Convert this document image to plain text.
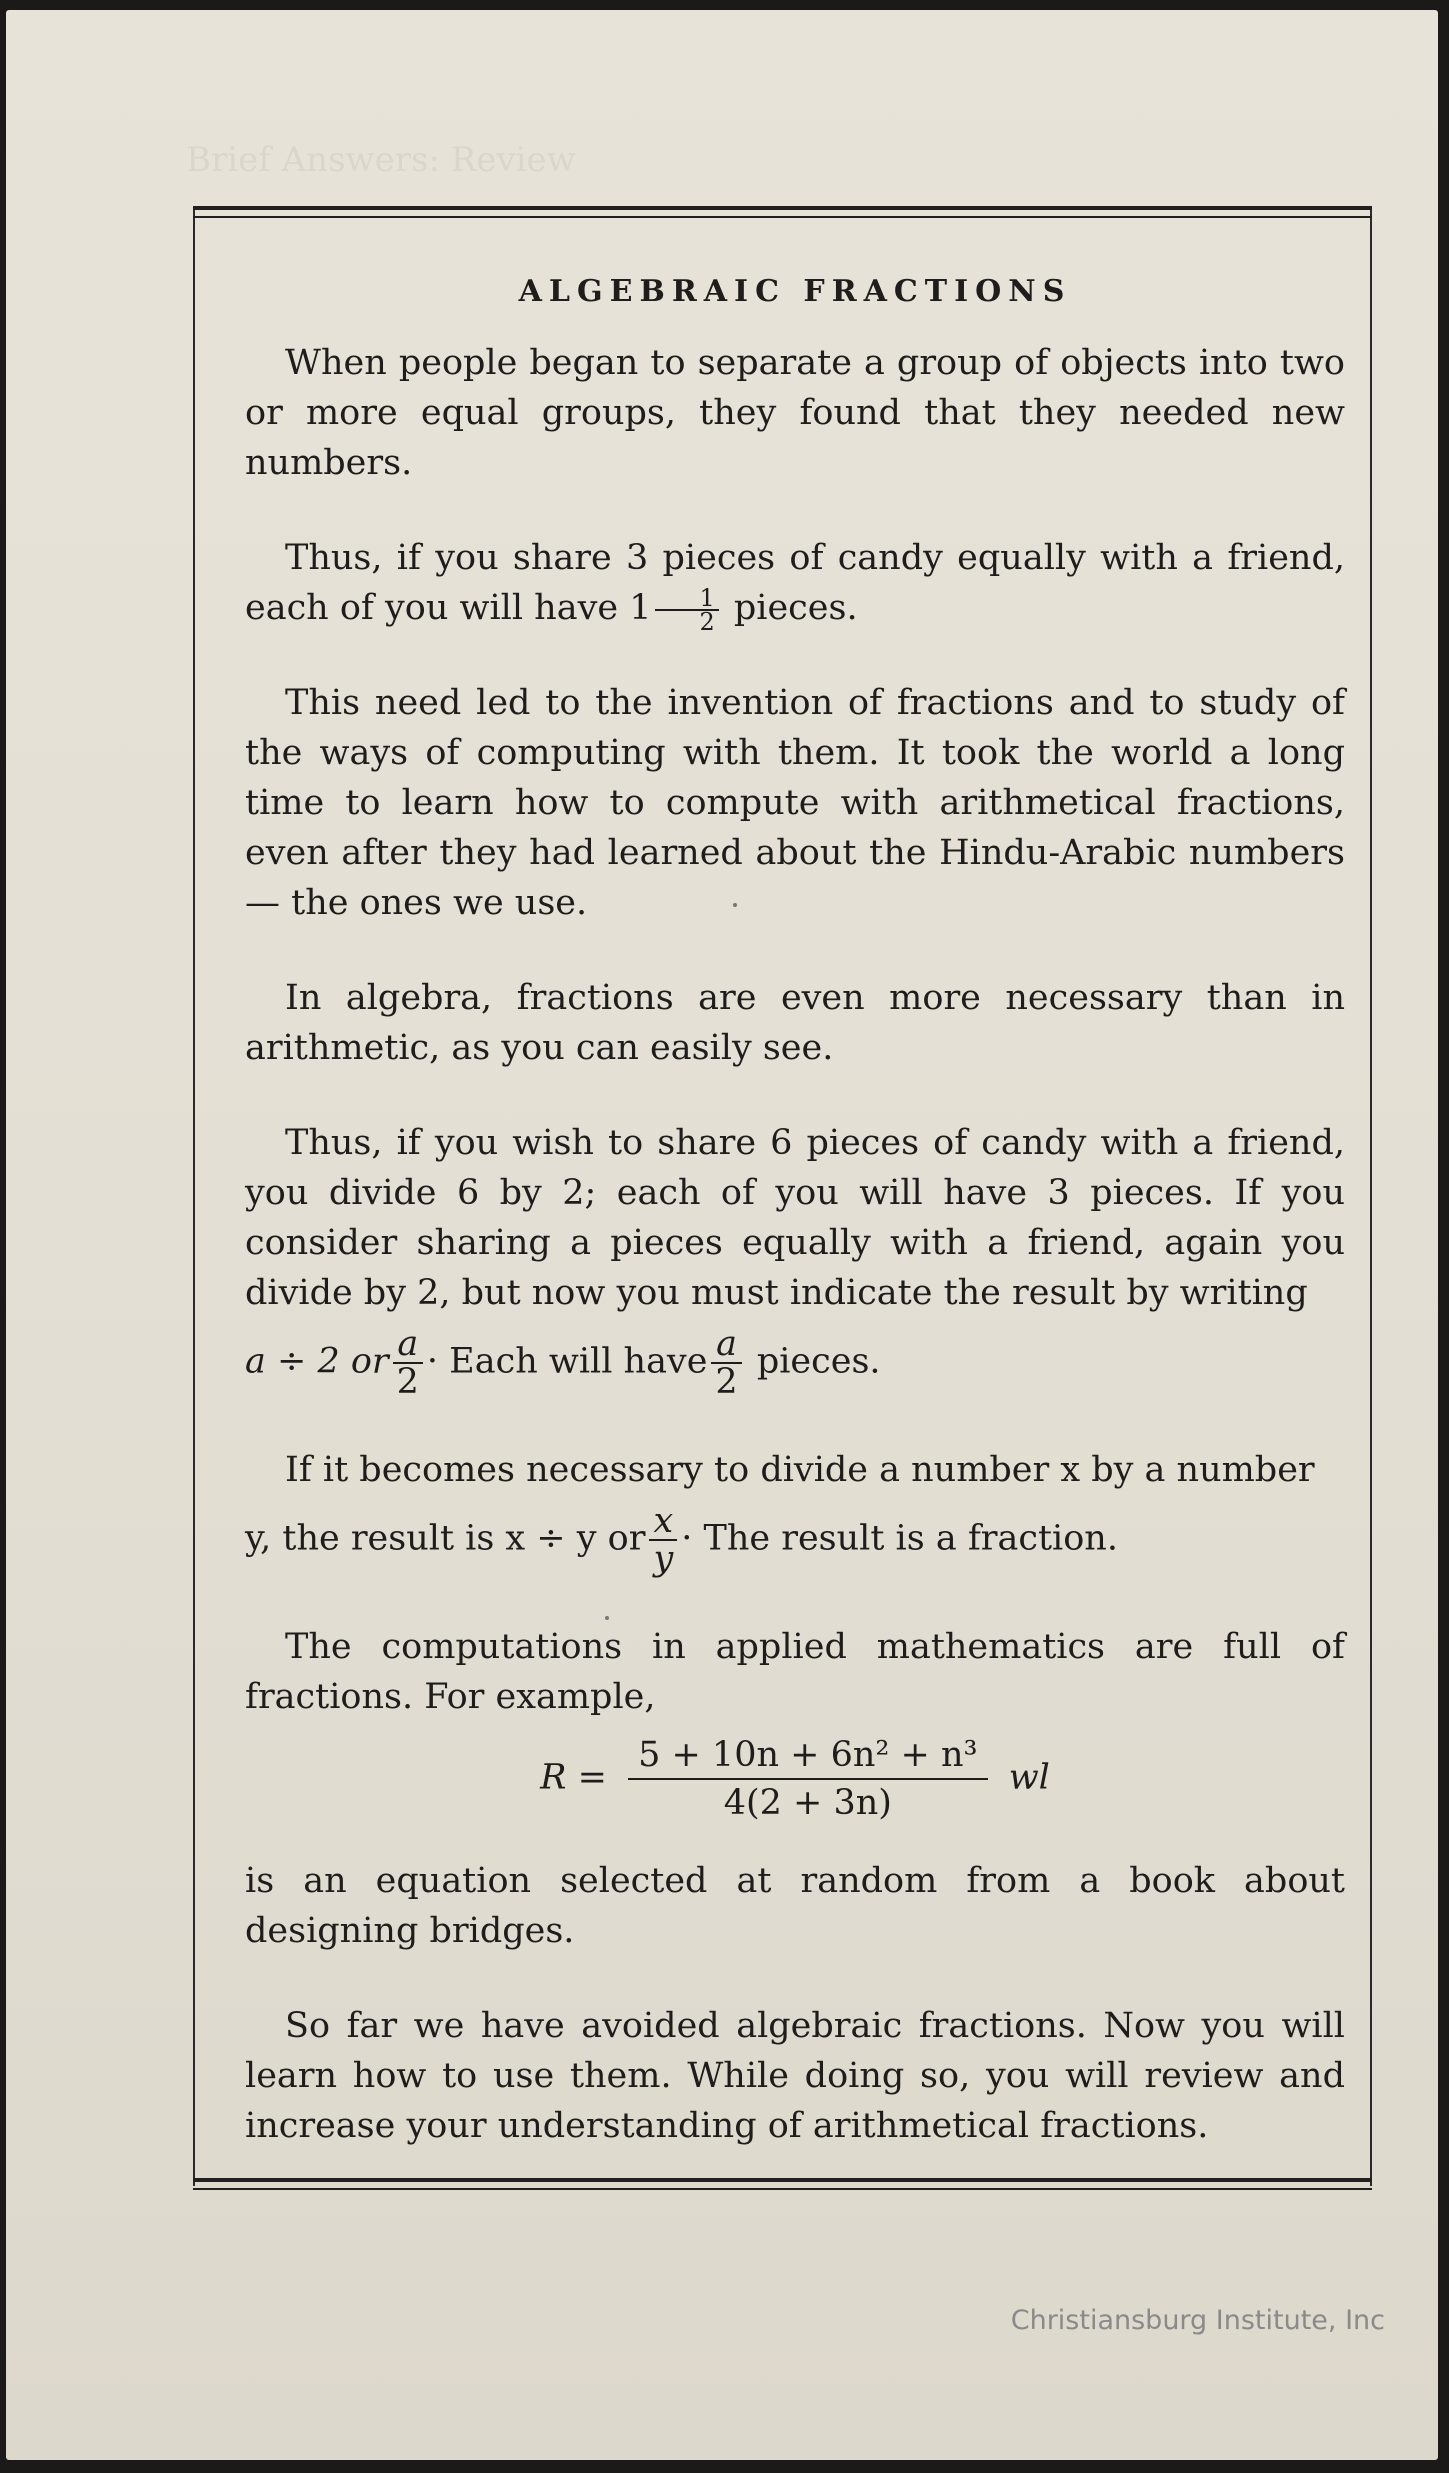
Brief Answers: Review
ALGEBRAIC FRACTIONS

When people began to separate a group of objects into two or more equal groups, they found that they needed new numbers.

Thus, if you share 3 pieces of candy equally with a friend, each of you will have $1 \frac{1}{2}$ pieces.

This need led to the invention of fractions and to study of the ways of computing with them. It took the world a long time to learn how to compute with arithmetical fractions, even after they had learned about the Hindu-Arabic numbers — the ones we use.

In algebra, fractions are even more necessary than in arithmetic, as you can easily see.

Thus, if you wish to share 6 pieces of candy with a friend, you divide 6 by 2; each of you will have 3 pieces. If you consider sharing a pieces equally with a friend, again you divide by 2, but now you must indicate the result by writing
a ÷ 2 or $\frac{a}{2}$ · Each will have $\frac{a}{2}$ pieces.

If it becomes necessary to divide a number x by a number
y, the result is x ÷ y or $\frac{x}{y}$ · The result is a fraction.

The computations in applied mathematics are full of fractions. For example,

$R = \frac{\text{5 + 10n + 6n² + n³}}{4(2 + 3n)}$ wl

is an equation selected at random from a book about designing bridges.

So far we have avoided algebraic fractions. Now you will learn how to use them. While doing so, you will review and increase your understanding of arithmetical fractions.

Christiansburg Institute, Inc
